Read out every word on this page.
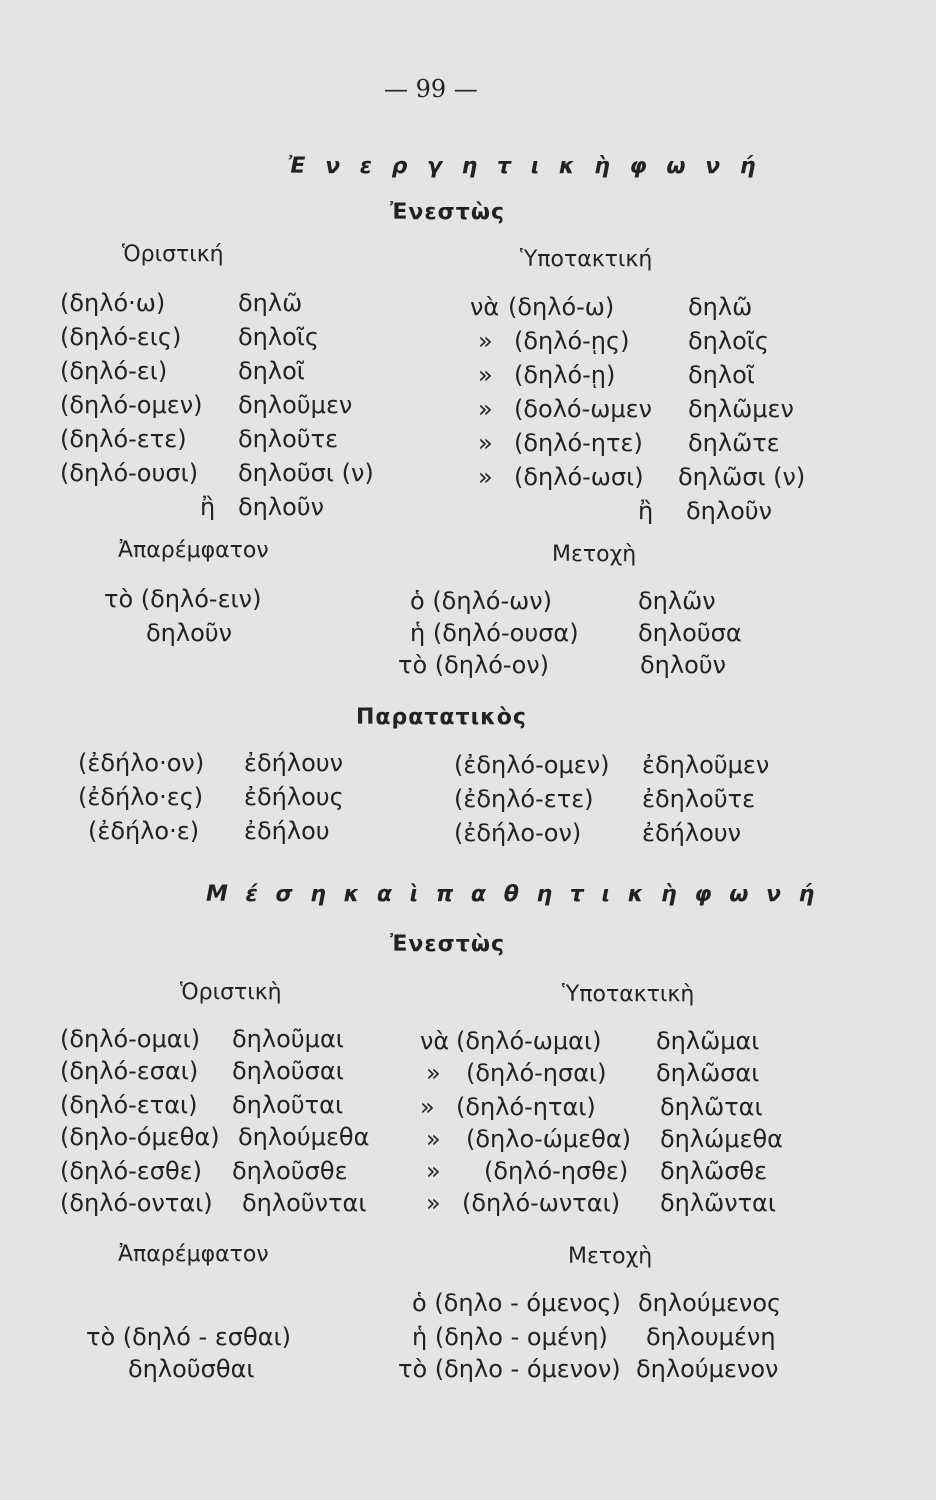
— 99 —
Ἐ ν ε ρ γ η τ ι κ ὴ φ ω ν ή
Ἐνεστὼς
Ὁριστική	Ὑποτακτική
(δηλό·ω)	δηλῶ
(δηλό-εις) δηλοῖς
(δηλό-ει)	δηλοῖ
(δηλό-ομεν) δηλοῦμεν
(δηλό-ετε) δηλοῦτε
(δηλό-ουσι) δηλοῦσι (ν)
ἢ δηλοῦν
νὰ (δηλό-ω)	δηλῶ
» (δηλό-ῃς) δηλοῖς
» (δηλό-ῃ)	δηλοῖ
» (δολό-ωμεν δηλῶμεν
» (δηλό-ητε) δηλῶτε
» (δηλό-ωσι) δηλῶσι (ν)
ἢ δηλοῦν
Ἀπαρέμφατον	Μετοχὴ
τὸ (δηλό-ειν)
δηλοῦν
ὁ (δηλό-ων)	δηλῶν
ἡ (δηλό-ουσα) δηλοῦσα
τὸ (δηλό-ον)	δηλοῦν
Παρατατικὸς
(ἐδήλο·ον) ἐδήλουν
(ἐδήλο·ες) ἐδήλους
(ἐδήλο·ε) ἐδήλου
(ἐδηλό-ομεν) ἐδηλοῦμεν
(ἐδηλό-ετε) ἐδηλοῦτε
(ἐδήλο-ον)	ἐδήλουν
Μ έ σ η κ α ὶ π α θ η τ ι κ ὴ φ ω ν ή
Ἐνεστὼς
Ὁριστικὴ	Ὑποτακτικὴ
(δηλό-ομαι) δηλοῦμαι
(δηλό-εσαι) δηλοῦσαι
(δηλό-εται) δηλοῦται
(δηλο-όμεθα) δηλούμεθα
(δηλό-εσθε) δηλοῦσθε
(δηλό-ονται) δηλοῦνται
νὰ (δηλό-ωμαι) δηλῶμαι
» (δηλό-ησαι) δηλῶσαι
» (δηλό-ηται)	δηλῶται
» (δηλο-ώμεθα) δηλώμεθα
» (δηλό-ησθε) δηλῶσθε
» (δηλό-ωνται) δηλῶνται
Ἀπαρέμφατον	Μετοχὴ
τὸ (δηλό - εσθαι)
δηλοῦσθαι
ὁ (δηλο - όμενος) δηλούμενος
ἡ (δηλο - ομένη) δηλουμένη
τὸ (δηλο - όμενον) δηλούμενον
